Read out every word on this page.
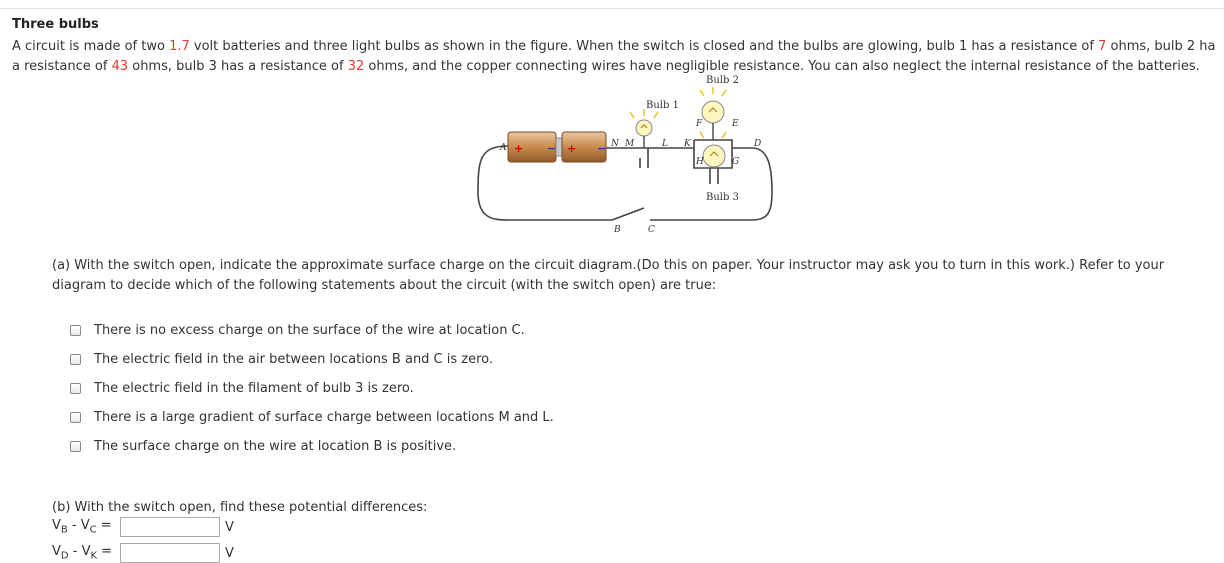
Three bulbs
A circuit is made of two 1.7 volt batteries and three light bulbs as shown in the figure. When the switch is closed and the bulbs are glowing, bulb 1 has a resistance of 7 ohms, bulb 2 ha
a resistance of 43 ohms, bulb 3 has a resistance of 32 ohms, and the copper connecting wires have negligible resistance. You can also neglect the internal resistance of the batteries.
+ − + −
Bulb 1
Bulb 2
Bulb 3
A
B	C
D
E
F
G
H
K
L
M
N
(a) With the switch open, indicate the approximate surface charge on the circuit diagram.(Do this on paper. Your instructor may ask you to turn in this work.) Refer to your diagram to decide which of the following statements about the circuit (with the switch open) are true:
There is no excess charge on the surface of the wire at location C.
The electric field in the air between locations B and C is zero.
The electric field in the filament of bulb 3 is zero.
There is a large gradient of surface charge between locations M and L.
The surface charge on the wire at location B is positive.
(b) With the switch open, find these potential differences:
$V_B - V_C$ =	V
$V_D - V_K$ =	V
